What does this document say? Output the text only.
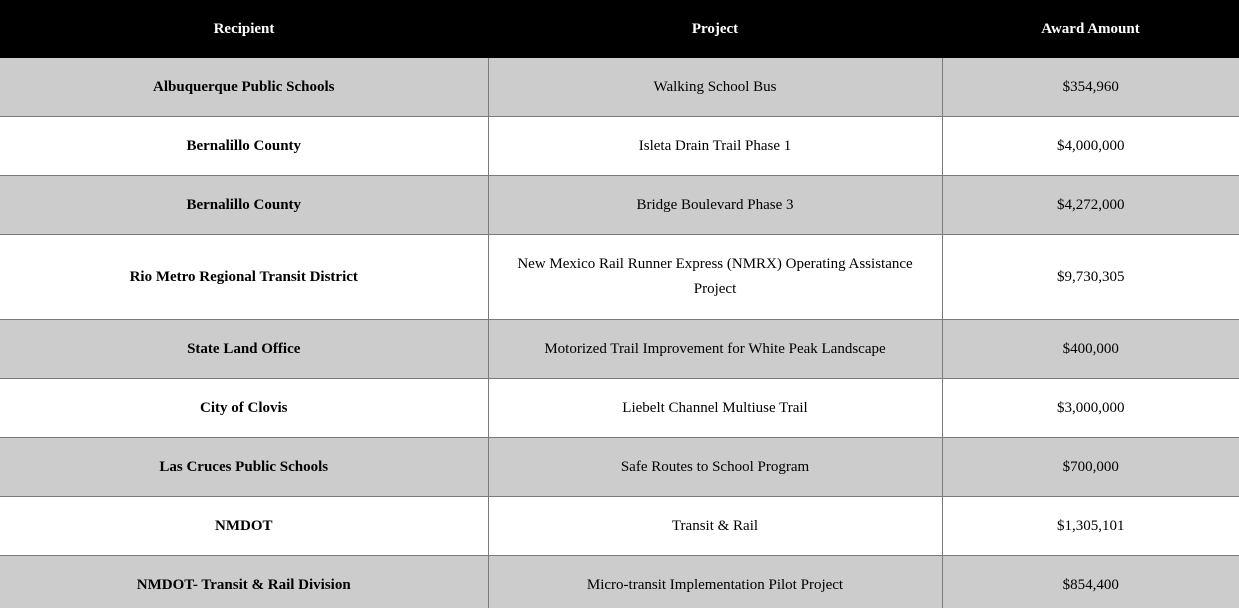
Recipient	Project	Award Amount
Albuquerque Public Schools	Walking School Bus	$354,960
Bernalillo County	Isleta Drain Trail Phase 1	$4,000,000
Bernalillo County	Bridge Boulevard Phase 3	$4,272,000
Rio Metro Regional Transit District	New Mexico Rail Runner Express (NMRX) Operating Assistance Project	$9,730,305
State Land Office	Motorized Trail Improvement for White Peak Landscape	$400,000
City of Clovis	Liebelt Channel Multiuse Trail	$3,000,000
Las Cruces Public Schools	Safe Routes to School Program	$700,000
NMDOT	Transit & Rail	$1,305,101
NMDOT- Transit & Rail Division	Micro-transit Implementation Pilot Project	$854,400
